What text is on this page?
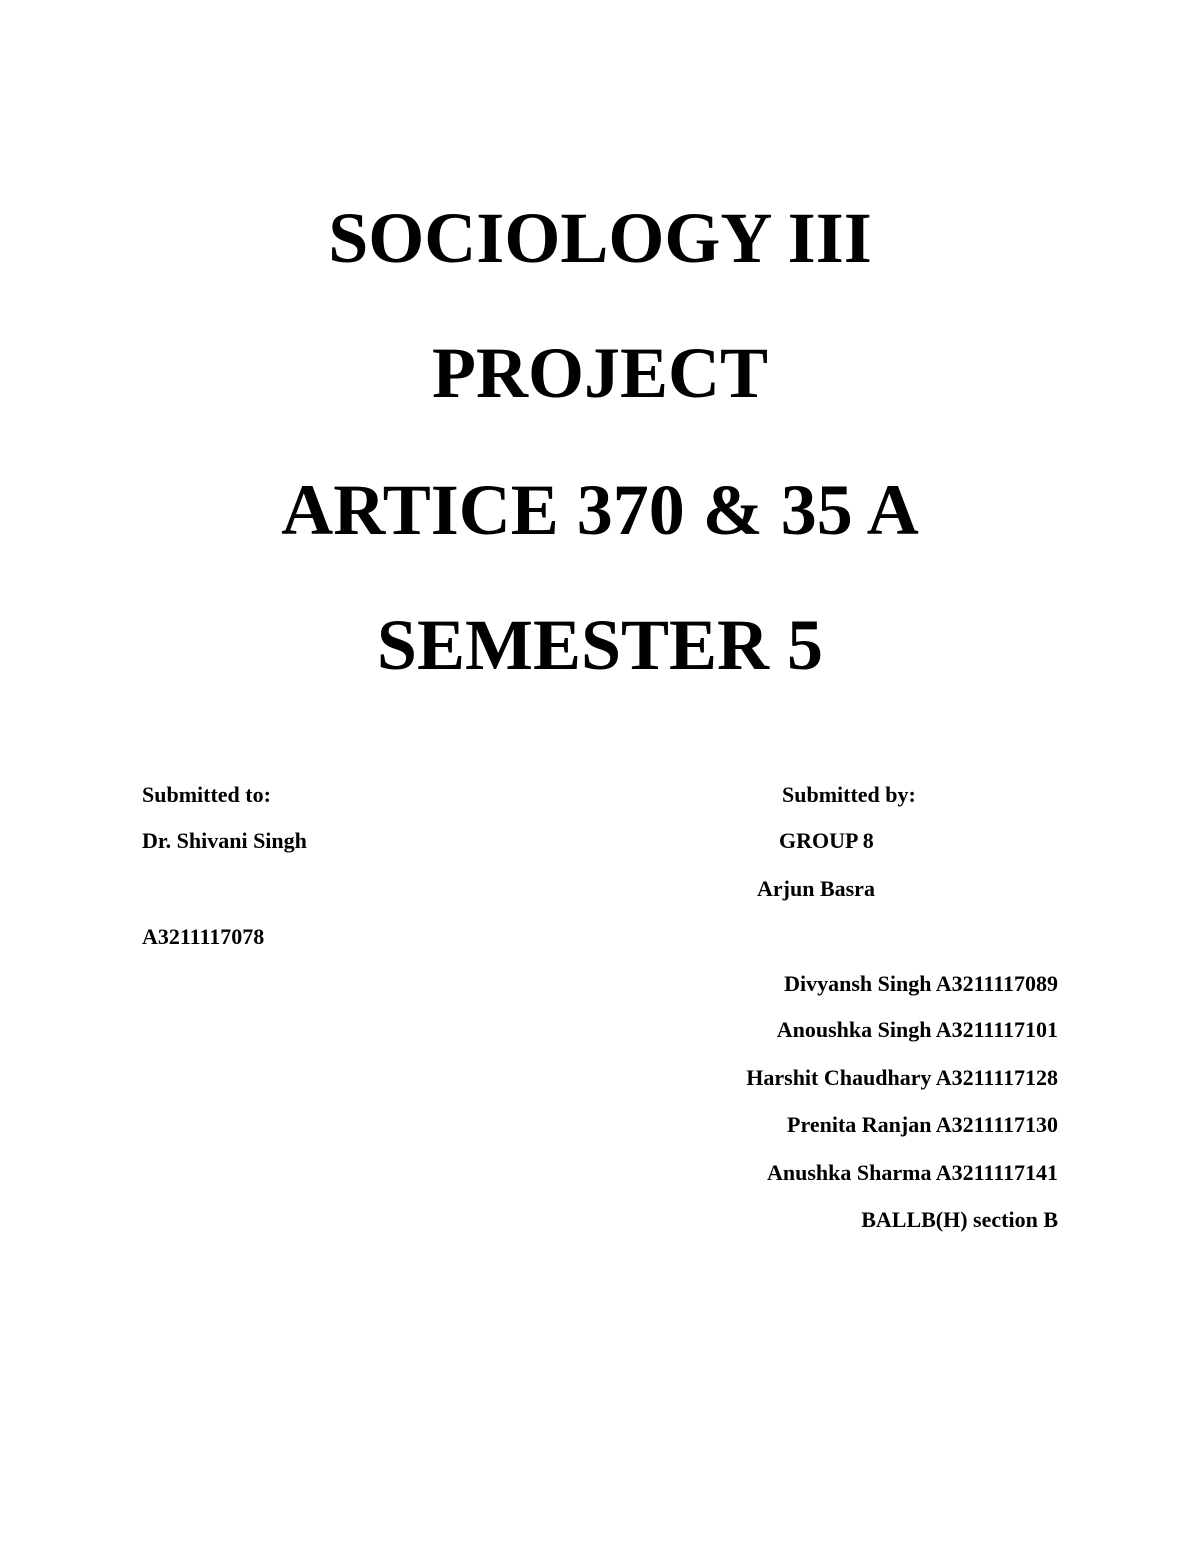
SOCIOLOGY III
PROJECT
ARTICE 370 & 35 A
SEMESTER 5
Submitted to:
Dr. Shivani Singh
A3211117078
Submitted by:
GROUP 8
Arjun Basra
Divyansh Singh A3211117089
Anoushka Singh A3211117101
Harshit Chaudhary A3211117128
Prenita Ranjan A3211117130
Anushka Sharma A3211117141
BALLB(H) section B
